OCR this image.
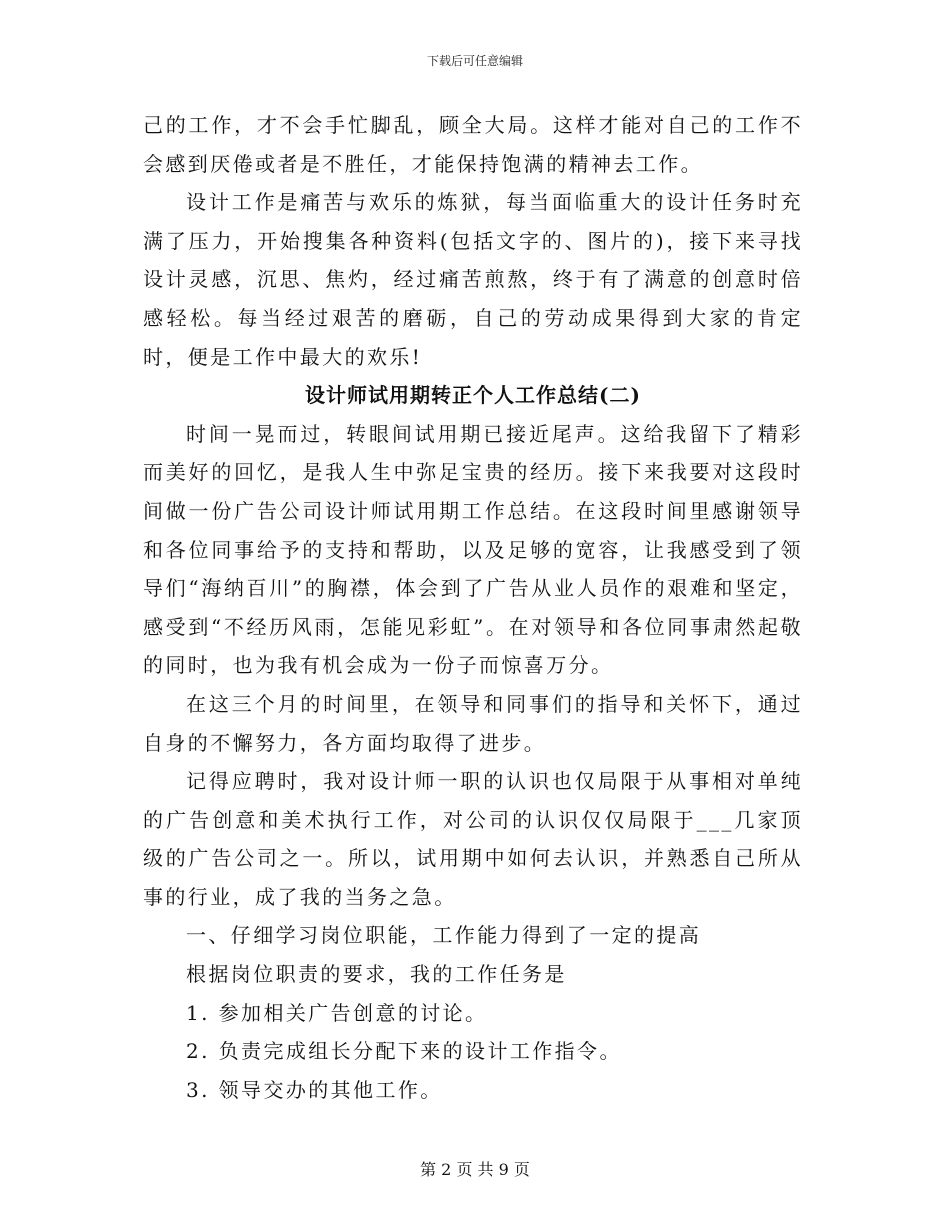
下载后可任意编辑

己的工作，才不会手忙脚乱，顾全大局。这样才能对自己的工作不会感到厌倦或者是不胜任，才能保持饱满的精神去工作。

设计工作是痛苦与欢乐的炼狱，每当面临重大的设计任务时充满了压力，开始搜集各种资料(包括文字的、图片的)，接下来寻找设计灵感，沉思、焦灼，经过痛苦煎熬，终于有了满意的创意时倍感轻松。每当经过艰苦的磨砺，自己的劳动成果得到大家的肯定时，便是工作中最大的欢乐!

设计师试用期转正个人工作总结(二)

时间一晃而过，转眼间试用期已接近尾声。这给我留下了精彩而美好的回忆，是我人生中弥足宝贵的经历。接下来我要对这段时间做一份广告公司设计师试用期工作总结。在这段时间里感谢领导和各位同事给予的支持和帮助，以及足够的宽容，让我感受到了领导们“海纳百川”的胸襟，体会到了广告从业人员作的艰难和坚定，感受到“不经历风雨，怎能见彩虹”。在对领导和各位同事肃然起敬的同时，也为我有机会成为一份子而惊喜万分。

在这三个月的时间里，在领导和同事们的指导和关怀下，通过自身的不懈努力，各方面均取得了进步。

记得应聘时，我对设计师一职的认识也仅局限于从事相对单纯的广告创意和美术执行工作，对公司的认识仅仅局限于___几家顶级的广告公司之一。所以，试用期中如何去认识，并熟悉自己所从事的行业，成了我的当务之急。

一、仔细学习岗位职能，工作能力得到了一定的提高

根据岗位职责的要求，我的工作任务是

1. 参加相关广告创意的讨论。

2. 负责完成组长分配下来的设计工作指令。

3. 领导交办的其他工作。

第 2 页 共 9 页
